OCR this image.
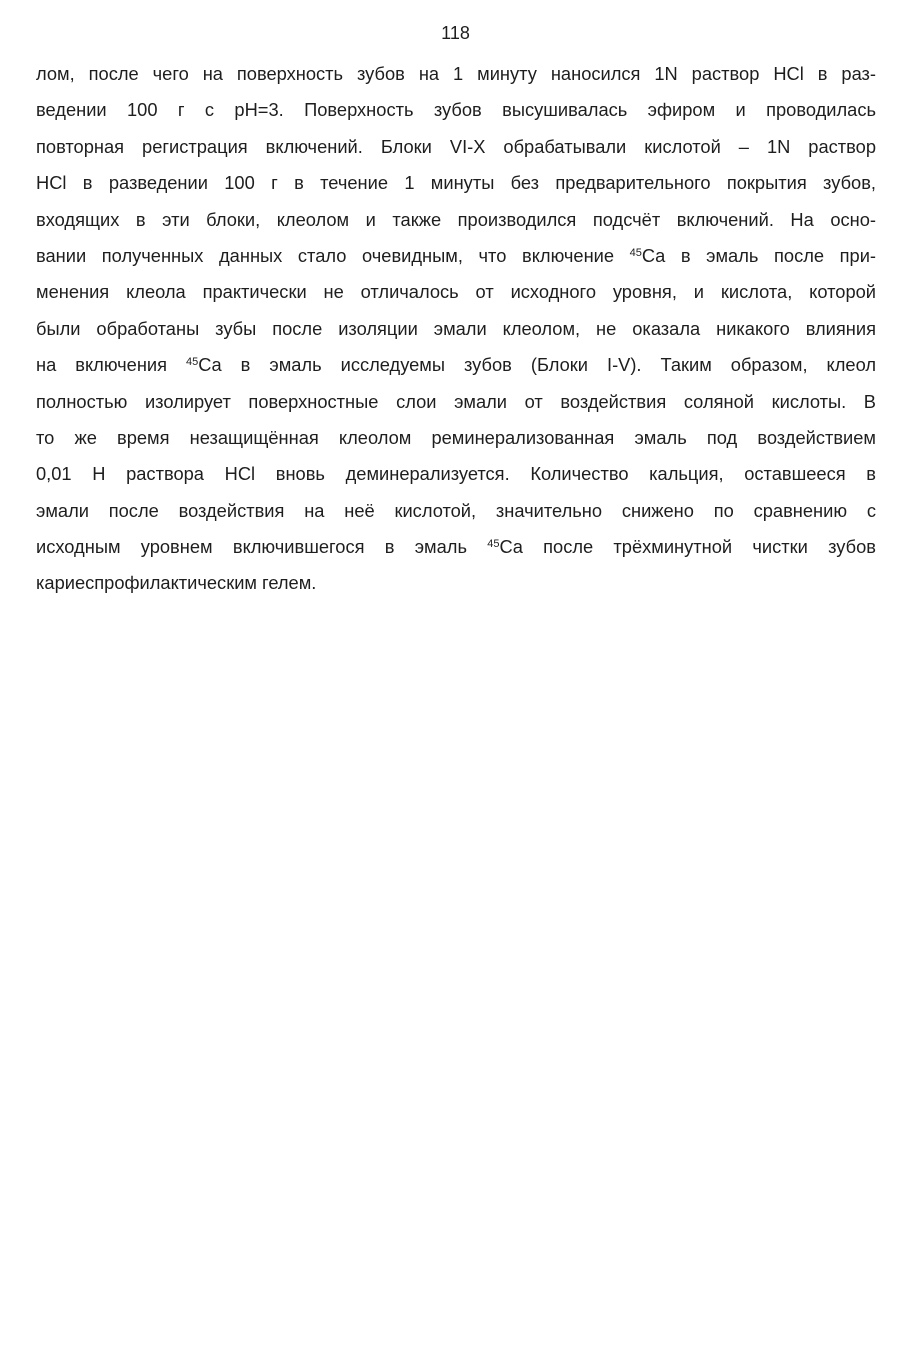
118
лом, после чего на поверхность зубов на 1 минуту наносился 1N раствор HCl в раз-
ведении 100 г с pH=3. Поверхность зубов высушивалась эфиром и проводилась
повторная регистрация включений. Блоки VI-X обрабатывали кислотой – 1N раствор
HCl в разведении 100 г в течение 1 минуты без предварительного покрытия зубов,
входящих в эти блоки, клеолом и также производился подсчёт включений. На осно-
вании полученных данных стало очевидным, что включение $^{45}$Ca в эмаль после при-
менения клеола практически не отличалось от исходного уровня, и кислота, которой
были обработаны зубы после изоляции эмали клеолом, не оказала никакого влияния
на включения $^{45}$Ca в эмаль исследуемы зубов (Блоки I-V). Таким образом, клеол
полностью изолирует поверхностные слои эмали от воздействия соляной кислоты. В
то же время незащищённая клеолом реминерализованная эмаль под воздействием
0,01 Н раствора HCl вновь деминерализуется. Количество кальция, оставшееся в
эмали после воздействия на неё кислотой, значительно снижено по сравнению с
исходным уровнем включившегося в эмаль $^{45}$Ca после трёхминутной чистки зубов
кариеспрофилактическим гелем.
